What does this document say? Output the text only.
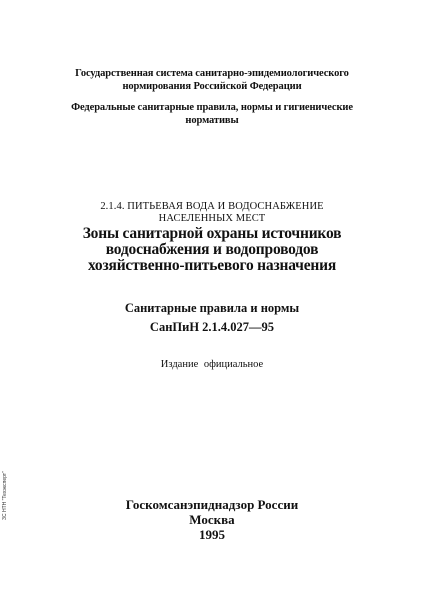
Государственная система санитарно-эпидемиологического
нормирования Российской Федерации
Федеральные санитарные правила, нормы и гигиенические
нормативы
2.1.4. ПИТЬЕВАЯ ВОДА И ВОДОСНАБЖЕНИЕ
НАСЕЛЕННЫХ МЕСТ
Зоны санитарной охраны источников
водоснабжения и водопроводов
хозяйственно-питьевого назначения
Санитарные правила и нормы
СанПиН 2.1.4.027—95
Издание официальное
Госкомсанэпиднадзор России
Москва
1995
ЗС НТН "Техэксперт"
